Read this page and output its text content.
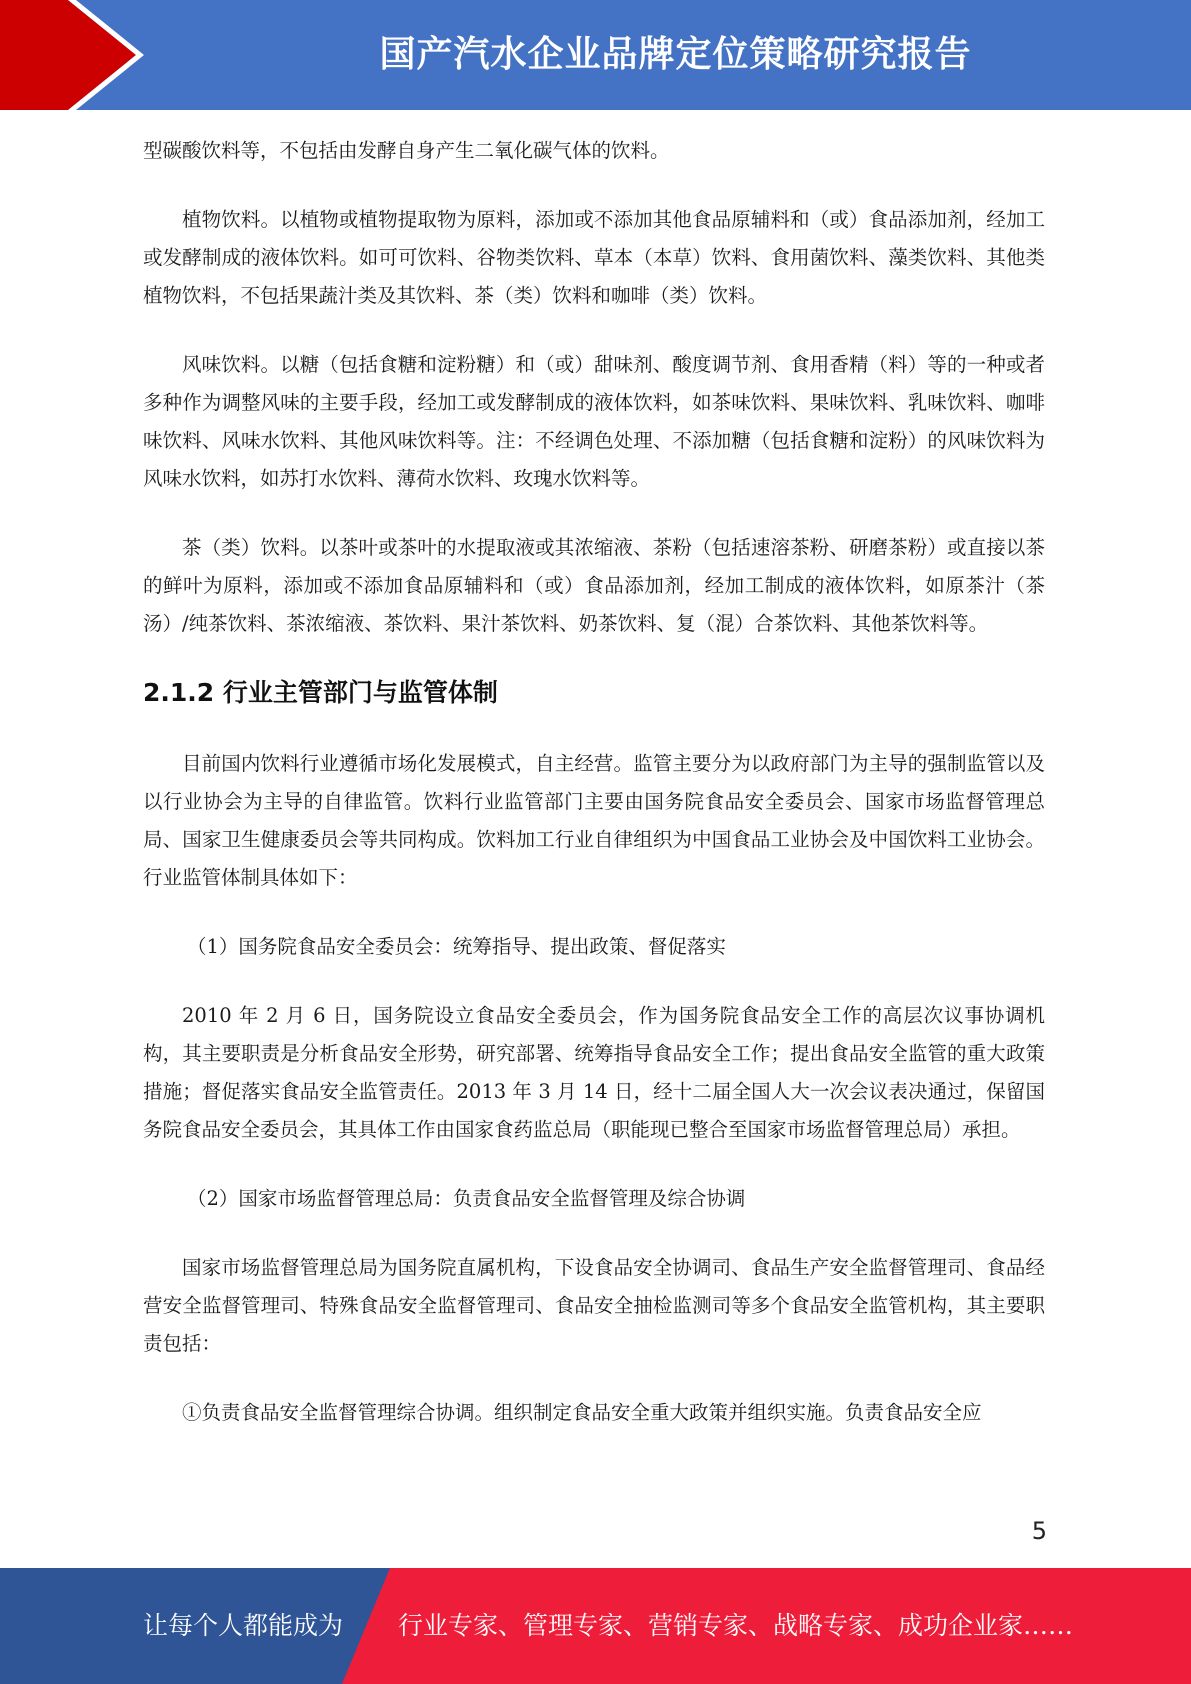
国产汽水企业品牌定位策略研究报告

型碳酸饮料等，不包括由发酵自身产生二氧化碳气体的饮料。

植物饮料。以植物或植物提取物为原料，添加或不添加其他食品原辅料和（或）食品添加剂，经加工或发酵制成的液体饮料。如可可饮料、谷物类饮料、草本（本草）饮料、食用菌饮料、藻类饮料、其他类植物饮料，不包括果蔬汁类及其饮料、茶（类）饮料和咖啡（类）饮料。

风味饮料。以糖（包括食糖和淀粉糖）和（或）甜味剂、酸度调节剂、食用香精（料）等的一种或者多种作为调整风味的主要手段，经加工或发酵制成的液体饮料，如茶味饮料、果味饮料、乳味饮料、咖啡味饮料、风味水饮料、其他风味饮料等。注：不经调色处理、不添加糖（包括食糖和淀粉）的风味饮料为风味水饮料，如苏打水饮料、薄荷水饮料、玫瑰水饮料等。

茶（类）饮料。以茶叶或茶叶的水提取液或其浓缩液、茶粉（包括速溶茶粉、研磨茶粉）或直接以茶的鲜叶为原料，添加或不添加食品原辅料和（或）食品添加剂，经加工制成的液体饮料，如原茶汁（茶汤）/纯茶饮料、茶浓缩液、茶饮料、果汁茶饮料、奶茶饮料、复（混）合茶饮料、其他茶饮料等。

2.1.2 行业主管部门与监管体制

目前国内饮料行业遵循市场化发展模式，自主经营。监管主要分为以政府部门为主导的强制监管以及以行业协会为主导的自律监管。饮料行业监管部门主要由国务院食品安全委员会、国家市场监督管理总局、国家卫生健康委员会等共同构成。饮料加工行业自律组织为中国食品工业协会及中国饮料工业协会。行业监管体制具体如下：

（1）国务院食品安全委员会：统筹指导、提出政策、督促落实

2010 年 2 月 6 日，国务院设立食品安全委员会，作为国务院食品安全工作的高层次议事协调机构，其主要职责是分析食品安全形势，研究部署、统筹指导食品安全工作；提出食品安全监管的重大政策措施；督促落实食品安全监管责任。2013 年 3 月 14 日，经十二届全国人大一次会议表决通过，保留国务院食品安全委员会，其具体工作由国家食药监总局（职能现已整合至国家市场监督管理总局）承担。

（2）国家市场监督管理总局：负责食品安全监督管理及综合协调

国家市场监督管理总局为国务院直属机构，下设食品安全协调司、食品生产安全监督管理司、食品经营安全监督管理司、特殊食品安全监督管理司、食品安全抽检监测司等多个食品安全监管机构，其主要职责包括：

①负责食品安全监督管理综合协调。组织制定食品安全重大政策并组织实施。负责食品安全应

5
让每个人都能成为 行业专家、管理专家、营销专家、战略专家、成功企业家……
